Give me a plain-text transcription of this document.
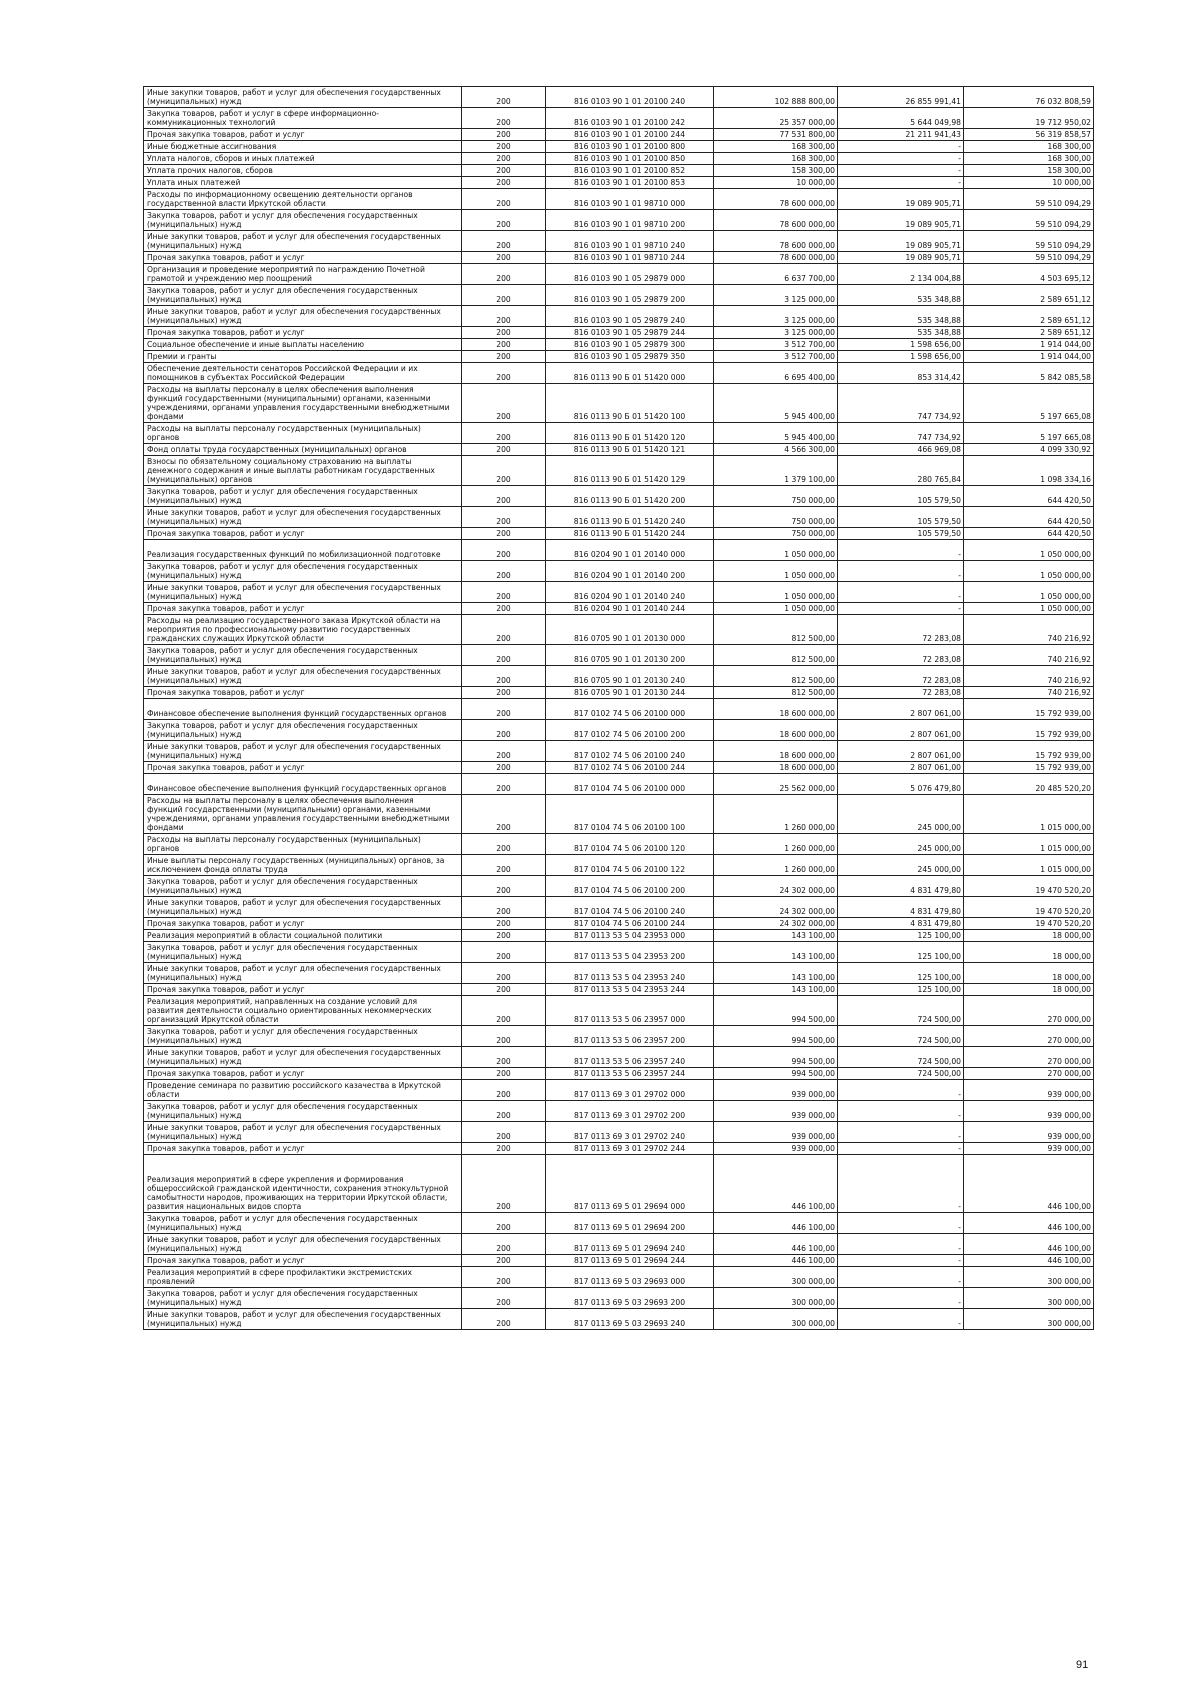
Иные закупки товаров, работ и услуг для обеспечения государственных
(муниципальных) нужд	200	816 0103 90 1 01 20100 240	102 888 800,00	26 855 991,41	76 032 808,59
Закупка товаров, работ и услуг в сфере информационно-
коммуникационных технологий	200	816 0103 90 1 01 20100 242	25 357 000,00	5 644 049,98	19 712 950,02
Прочая закупка товаров, работ и услуг	200	816 0103 90 1 01 20100 244	77 531 800,00	21 211 941,43	56 319 858,57
Иные бюджетные ассигнования	200	816 0103 90 1 01 20100 800	168 300,00	-	168 300,00
Уплата налогов, сборов и иных платежей	200	816 0103 90 1 01 20100 850	168 300,00	-	168 300,00
Уплата прочих налогов, сборов	200	816 0103 90 1 01 20100 852	158 300,00	-	158 300,00
Уплата иных платежей	200	816 0103 90 1 01 20100 853	10 000,00	-	10 000,00
Расходы по информационному освещению деятельности органов
государственной власти Иркутской области	200	816 0103 90 1 01 98710 000	78 600 000,00	19 089 905,71	59 510 094,29
Закупка товаров, работ и услуг для обеспечения государственных
(муниципальных) нужд	200	816 0103 90 1 01 98710 200	78 600 000,00	19 089 905,71	59 510 094,29
Иные закупки товаров, работ и услуг для обеспечения государственных
(муниципальных) нужд	200	816 0103 90 1 01 98710 240	78 600 000,00	19 089 905,71	59 510 094,29
Прочая закупка товаров, работ и услуг	200	816 0103 90 1 01 98710 244	78 600 000,00	19 089 905,71	59 510 094,29
Организация и проведение мероприятий по награждению Почетной
грамотой и учреждению мер поощрений	200	816 0103 90 1 05 29879 000	6 637 700,00	2 134 004,88	4 503 695,12
Закупка товаров, работ и услуг для обеспечения государственных
(муниципальных) нужд	200	816 0103 90 1 05 29879 200	3 125 000,00	535 348,88	2 589 651,12
Иные закупки товаров, работ и услуг для обеспечения государственных
(муниципальных) нужд	200	816 0103 90 1 05 29879 240	3 125 000,00	535 348,88	2 589 651,12
Прочая закупка товаров, работ и услуг	200	816 0103 90 1 05 29879 244	3 125 000,00	535 348,88	2 589 651,12
Социальное обеспечение и иные выплаты населению	200	816 0103 90 1 05 29879 300	3 512 700,00	1 598 656,00	1 914 044,00
Премии и гранты	200	816 0103 90 1 05 29879 350	3 512 700,00	1 598 656,00	1 914 044,00
Обеспечение деятельности сенаторов Российской Федерации и их
помощников в субъектах Российской Федерации	200	816 0113 90 Б 01 51420 000	6 695 400,00	853 314,42	5 842 085,58
Расходы на выплаты персоналу в целях обеспечения выполнения
функций государственными (муниципальными) органами, казенными
учреждениями, органами управления государственными внебюджетными
фондами	200	816 0113 90 Б 01 51420 100	5 945 400,00	747 734,92	5 197 665,08
Расходы на выплаты персоналу государственных (муниципальных)
органов	200	816 0113 90 Б 01 51420 120	5 945 400,00	747 734,92	5 197 665,08
Фонд оплаты труда государственных (муниципальных) органов	200	816 0113 90 Б 01 51420 121	4 566 300,00	466 969,08	4 099 330,92
Взносы по обязательному социальному страхованию на выплаты
денежного содержания и иные выплаты работникам государственных
(муниципальных) органов	200	816 0113 90 Б 01 51420 129	1 379 100,00	280 765,84	1 098 334,16
Закупка товаров, работ и услуг для обеспечения государственных
(муниципальных) нужд	200	816 0113 90 Б 01 51420 200	750 000,00	105 579,50	644 420,50
Иные закупки товаров, работ и услуг для обеспечения государственных
(муниципальных) нужд	200	816 0113 90 Б 01 51420 240	750 000,00	105 579,50	644 420,50
Прочая закупка товаров, работ и услуг	200	816 0113 90 Б 01 51420 244	750 000,00	105 579,50	644 420,50
Реализация государственных функций по мобилизационной подготовке	200	816 0204 90 1 01 20140 000	1 050 000,00	-	1 050 000,00
Закупка товаров, работ и услуг для обеспечения государственных
(муниципальных) нужд	200	816 0204 90 1 01 20140 200	1 050 000,00	-	1 050 000,00
Иные закупки товаров, работ и услуг для обеспечения государственных
(муниципальных) нужд	200	816 0204 90 1 01 20140 240	1 050 000,00	-	1 050 000,00
Прочая закупка товаров, работ и услуг	200	816 0204 90 1 01 20140 244	1 050 000,00	-	1 050 000,00
Расходы на реализацию государственного заказа Иркутской области на
мероприятия по профессиональному развитию государственных
гражданских служащих Иркутской области	200	816 0705 90 1 01 20130 000	812 500,00	72 283,08	740 216,92
Закупка товаров, работ и услуг для обеспечения государственных
(муниципальных) нужд	200	816 0705 90 1 01 20130 200	812 500,00	72 283,08	740 216,92
Иные закупки товаров, работ и услуг для обеспечения государственных
(муниципальных) нужд	200	816 0705 90 1 01 20130 240	812 500,00	72 283,08	740 216,92
Прочая закупка товаров, работ и услуг	200	816 0705 90 1 01 20130 244	812 500,00	72 283,08	740 216,92
Финансовое обеспечение выполнения функций государственных органов	200	817 0102 74 5 06 20100 000	18 600 000,00	2 807 061,00	15 792 939,00
Закупка товаров, работ и услуг для обеспечения государственных
(муниципальных) нужд	200	817 0102 74 5 06 20100 200	18 600 000,00	2 807 061,00	15 792 939,00
Иные закупки товаров, работ и услуг для обеспечения государственных
(муниципальных) нужд	200	817 0102 74 5 06 20100 240	18 600 000,00	2 807 061,00	15 792 939,00
Прочая закупка товаров, работ и услуг	200	817 0102 74 5 06 20100 244	18 600 000,00	2 807 061,00	15 792 939,00
Финансовое обеспечение выполнения функций государственных органов	200	817 0104 74 5 06 20100 000	25 562 000,00	5 076 479,80	20 485 520,20
Расходы на выплаты персоналу в целях обеспечения выполнения
функций государственными (муниципальными) органами, казенными
учреждениями, органами управления государственными внебюджетными
фондами	200	817 0104 74 5 06 20100 100	1 260 000,00	245 000,00	1 015 000,00
Расходы на выплаты персоналу государственных (муниципальных)
органов	200	817 0104 74 5 06 20100 120	1 260 000,00	245 000,00	1 015 000,00
Иные выплаты персоналу государственных (муниципальных) органов, за
исключением фонда оплаты труда	200	817 0104 74 5 06 20100 122	1 260 000,00	245 000,00	1 015 000,00
Закупка товаров, работ и услуг для обеспечения государственных
(муниципальных) нужд	200	817 0104 74 5 06 20100 200	24 302 000,00	4 831 479,80	19 470 520,20
Иные закупки товаров, работ и услуг для обеспечения государственных
(муниципальных) нужд	200	817 0104 74 5 06 20100 240	24 302 000,00	4 831 479,80	19 470 520,20
Прочая закупка товаров, работ и услуг	200	817 0104 74 5 06 20100 244	24 302 000,00	4 831 479,80	19 470 520,20
Реализация мероприятий в области социальной политики	200	817 0113 53 5 04 23953 000	143 100,00	125 100,00	18 000,00
Закупка товаров, работ и услуг для обеспечения государственных
(муниципальных) нужд	200	817 0113 53 5 04 23953 200	143 100,00	125 100,00	18 000,00
Иные закупки товаров, работ и услуг для обеспечения государственных
(муниципальных) нужд	200	817 0113 53 5 04 23953 240	143 100,00	125 100,00	18 000,00
Прочая закупка товаров, работ и услуг	200	817 0113 53 5 04 23953 244	143 100,00	125 100,00	18 000,00
Реализация мероприятий, направленных на создание условий для
развития деятельности социально ориентированных некоммерческих
организаций Иркутской области	200	817 0113 53 5 06 23957 000	994 500,00	724 500,00	270 000,00
Закупка товаров, работ и услуг для обеспечения государственных
(муниципальных) нужд	200	817 0113 53 5 06 23957 200	994 500,00	724 500,00	270 000,00
Иные закупки товаров, работ и услуг для обеспечения государственных
(муниципальных) нужд	200	817 0113 53 5 06 23957 240	994 500,00	724 500,00	270 000,00
Прочая закупка товаров, работ и услуг	200	817 0113 53 5 06 23957 244	994 500,00	724 500,00	270 000,00
Проведение семинара по развитию российского казачества в Иркутской
области	200	817 0113 69 3 01 29702 000	939 000,00	-	939 000,00
Закупка товаров, работ и услуг для обеспечения государственных
(муниципальных) нужд	200	817 0113 69 3 01 29702 200	939 000,00	-	939 000,00
Иные закупки товаров, работ и услуг для обеспечения государственных
(муниципальных) нужд	200	817 0113 69 3 01 29702 240	939 000,00	-	939 000,00
Прочая закупка товаров, работ и услуг	200	817 0113 69 3 01 29702 244	939 000,00	-	939 000,00
Реализация мероприятий в сфере укрепления и формирования
общероссийской гражданской идентичности, сохранения этнокультурной
самобытности народов, проживающих на территории Иркутской области,
развития национальных видов спорта	200	817 0113 69 5 01 29694 000	446 100,00	-	446 100,00
Закупка товаров, работ и услуг для обеспечения государственных
(муниципальных) нужд	200	817 0113 69 5 01 29694 200	446 100,00	-	446 100,00
Иные закупки товаров, работ и услуг для обеспечения государственных
(муниципальных) нужд	200	817 0113 69 5 01 29694 240	446 100,00	-	446 100,00
Прочая закупка товаров, работ и услуг	200	817 0113 69 5 01 29694 244	446 100,00	-	446 100,00
Реализация мероприятий в сфере профилактики экстремистских
проявлений	200	817 0113 69 5 03 29693 000	300 000,00	-	300 000,00
Закупка товаров, работ и услуг для обеспечения государственных
(муниципальных) нужд	200	817 0113 69 5 03 29693 200	300 000,00	-	300 000,00
Иные закупки товаров, работ и услуг для обеспечения государственных
(муниципальных) нужд	200	817 0113 69 5 03 29693 240	300 000,00	-	300 000,00
91
